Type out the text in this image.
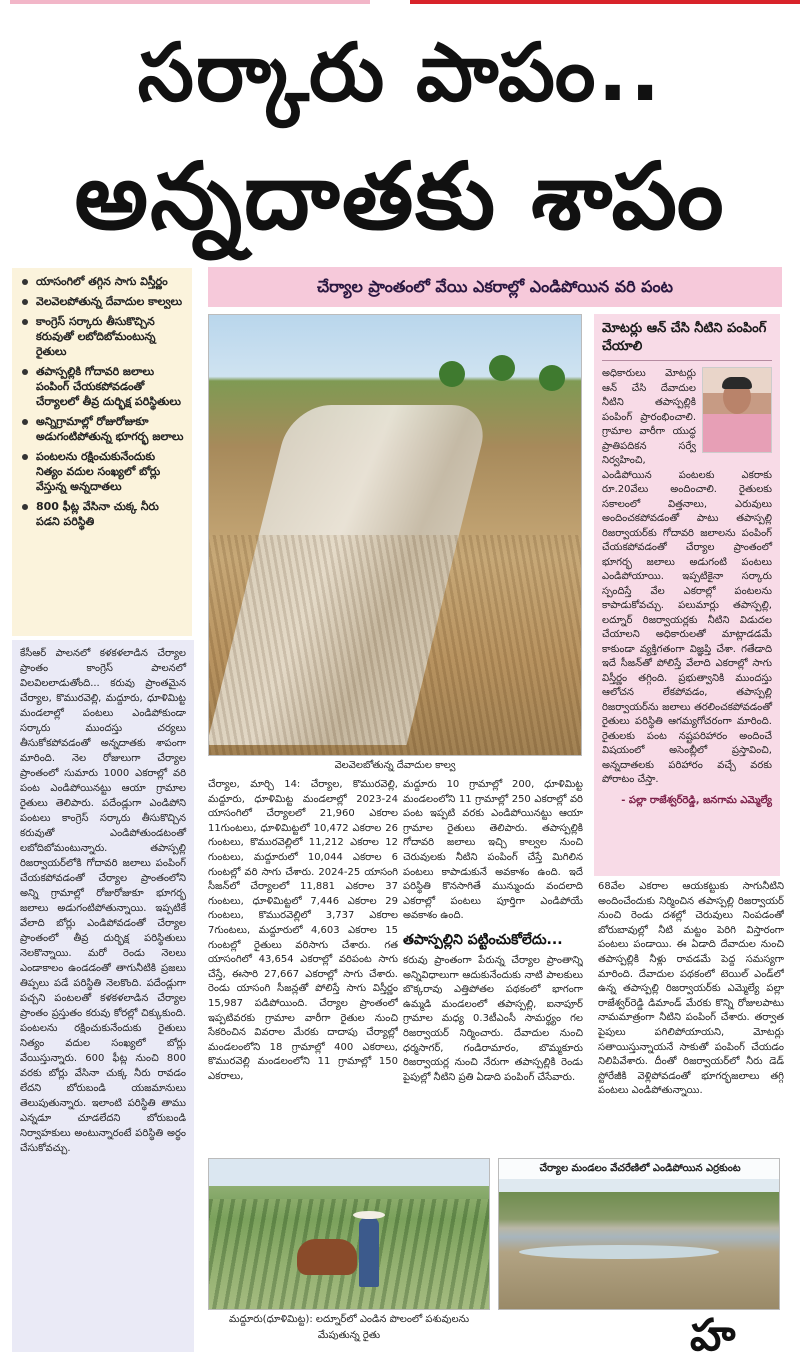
సర్కారు పాపం..
అన్నదాతకు శాపం
యాసంగిలో తగ్గిన సాగు విస్తీర్ణం
వెలవెలపోతున్న దేవాదుల కాల్వలు
కాంగ్రెస్ సర్కారు తీసుకొచ్చిన కరువుతో లబోదిబోమంటున్న రైతులు
తపాస్పల్లికి గోదావరి జలాలు పంపింగ్ చేయకపోవడంతో చేర్యాలలో తీవ్ర దుర్భిక్ష పరిస్థితులు
అన్నిగ్రామాల్లో రోజురోజుకూ అడుగంటిపోతున్న భూగర్భ జలాలు
పంటలను రక్షించుకునేందుకు నిత్యం వదుల సంఖ్యలో బోర్లు వేస్తున్న అన్నదాతలు
800 ఫీట్ల వేసినా చుక్క నీరు పడని పరిస్థితి
చేర్యాల ప్రాంతంలో వేయి ఎకరాల్లో ఎండిపోయిన వరి పంట
వెలవెలబోతున్న దేవాదుల కాల్వ
మోటర్లు ఆన్ చేసి నీటిని పంపింగ్ చేయాలి
అధికారులు మోటర్లు ఆన్ చేసి దేవాదుల నీటిని తపాస్పల్లికి పంపింగ్ ప్రారంభించాలి. గ్రామాల వారీగా యుద్ధ ప్రాతిపదికన సర్వే నిర్వహించి, ఎండిపోయిన పంటలకు ఎకరాకు రూ.20వేలు అందించాలి. రైతులకు సకాలంలో విత్తనాలు, ఎరువులు అందించకపోవడంతో పాటు తపాస్పల్లి రిజర్వాయర్‌కు గోదావరి జలాలను పంపింగ్ చేయకపోవడంతో చేర్యాల ప్రాంతంలో భూగర్భ జలాలు అడుగంటి పంటలు ఎండిపోయాయి. ఇప్పటికైనా సర్కారు స్పందిస్తే వేల ఎకరాల్లో పంటలను కాపాడుకోవచ్చు. పలుమార్లు తపాస్పల్లి, లద్నూర్ రిజర్వాయర్లకు నీటిని విడుదల చేయాలని అధికారులతో మాట్లాడడమే కాకుండా వ్యక్తిగతంగా విజ్ఞప్తి చేశా. గతేడాది ఇదే సీజన్‌తో పోలిస్తే వేలాది ఎకరాల్లో సాగు విస్తీర్ణం తగ్గింది. ప్రభుత్వానికి ముందస్తు ఆలోచన లేకపోవడం, తపాస్పల్లి రిజర్వాయర్‌ను జలాలు తరలించకపోవడంతో రైతులు పరిస్థితి ఆగమ్యగోచరంగా మారింది. రైతులకు పంట నష్టపరిహారం అందించే విషయంలో అసెంబ్లీలో ప్రస్తావించి, అన్నదాతలకు పరిహారం వచ్చే వరకు పోరాటం చేస్తా.
- పల్లా రాజేశ్వర్‌రెడ్డి, జనగామ ఎమ్మెల్యే
కేసీఆర్ పాలనలో కళకళలాడిన చేర్యాల ప్రాంతం కాంగ్రెస్ పాలనలో విలవిలలాడుతోంది... కరువు ప్రాంతమైన చేర్యాల, కొమురవెల్లి, మద్దూరు, ధూళిమిట్ట మండలాల్లో పంటలు ఎండిపోకుండా సర్కారు ముందస్తు చర్యలు తీసుకోకపోవడంతో అన్నదాతకు శాపంగా మారింది. నెల రోజులుగా చేర్యాల ప్రాంతంలో సుమారు 1000 ఎకరాల్లో వరి పంట ఎండిపోయినట్టు ఆయా గ్రామాల రైతులు తెలిపారు. పదేండ్లుగా ఎండిపోని పంటలు కాంగ్రెస్ సర్కారు తీసుకొచ్చిన కరువుతో ఎండిపోతుండటంతో లబోదిబోమంటున్నారు. తపాస్పల్లి రిజర్వాయర్‌లోకి గోదావరి జలాలు పంపింగ్ చేయకపోవడంతో చేర్యాల ప్రాంతంలోని అన్ని గ్రామాల్లో రోజురోజుకూ భూగర్భ జలాలు అడుగంటిపోతున్నాయి. ఇప్పటికే వేలాది బోర్లు ఎండిపోవడంతో చేర్యాల ప్రాంతంలో తీవ్ర దుర్భిక్ష పరిస్థితులు నెలకొన్నాయి. మరో రెండు నెలలు ఎండాకాలం ఉండడంతో తాగునీటికి ప్రజలు తిప్పలు పడే పరిస్థితి నెలకొంది. పదేండ్లుగా పచ్చని పంటలతో కళకళలాడిన చేర్యాల ప్రాంతం ప్రస్తుతం కరువు కోరల్లో చిక్కుకుంది. పంటలను రక్షించుకునేందుకు రైతులు నిత్యం వదుల సంఖ్యలో బోర్లు వేయిస్తున్నారు. 600 ఫీట్ల నుంచి 800 వరకు బోర్లు వేసినా చుక్క నీరు రావడం లేదని బోరుబండి యజమానులు తెలుపుతున్నారు. ఇలాంటి పరిస్థితి తాము ఎన్నడూ చూడలేదని బోరుబండి నిర్వాహకులు అంటున్నారంటే పరిస్థితి అర్థం చేసుకోవచ్చు.
చేర్యాల, మార్చి 14: చేర్యాల, కొమురవెల్లి, మద్దూరు, ధూళిమిట్ట మండలాల్లో 2023-24 యాసంగిలో చేర్యాలలో 21,960 ఎకరాల 11గుంటలు, ధూళిమిట్టలో 10,472 ఎకరాల 26 గుంటలు, కొమురవెల్లిలో 11,212 ఎకరాల 12 గుంటలు, మద్దూరులో 10,044 ఎకరాల 6 గుంటల్లో వరి సాగు చేశారు. 2024-25 యాసంగి సీజన్‌లో చేర్యాలలో 11,881 ఎకరాల 37 గుంటలు, ధూళిమిట్టలో 7,446 ఎకరాల 29 గుంటలు, కొమురవెల్లిలో 3,737 ఎకరాల 7గుంటలు, మద్దూరులో 4,603 ఎకరాల 15 గుంటల్లో రైతులు వరిసాగు చేశారు. గత యాసంగిలో 43,654 ఎకరాల్లో వరిపంట సాగు చేస్తే, ఈసారి 27,667 ఎకరాల్లో సాగు చేశారు. రెండు యాసంగి సీజన్లతో పోలిస్తే సాగు విస్తీర్ణం 15,987 పడిపోయింది. చేర్యాల ప్రాంతంలో ఇప్పటివరకు గ్రామాల వారీగా రైతుల నుంచి సేకరించిన వివరాల మేరకు దాదాపు చేర్యాల్లో మండలంలోని 18 గ్రామాల్లో 400 ఎకరాలు, కొమురవెల్లి మండలంలోని 11 గ్రామాల్లో 150 ఎకరాలు,
మద్దూరు 10 గ్రామాల్లో 200, ధూళిమిట్ట మండలంలోని 11 గ్రామాల్లో 250 ఎకరాల్లో వరి పంట ఇప్పటి వరకు ఎండిపోయినట్టు ఆయా గ్రామాల రైతులు తెలిపారు. తపాస్పల్లికి గోదావరి జలాలు ఇచ్చి కాల్వల నుంచి చెరువులకు నీటిని పంపింగ్ చేస్తే మిగిలిన పంటలు కాపాడుకునే అవకాశం ఉంది. ఇదే పరిస్థితి కొనసాగితే మున్ముందు వందలాది ఎకరాల్లో పంటలు పూర్తిగా ఎండిపోయే అవకాశం ఉంది.
తపాస్పల్లిని పట్టించుకోలేదు...
కరువు ప్రాంతంగా పేరున్న చేర్యాల ప్రాంతాన్ని అన్నివిధాలుగా ఆదుకునేందుకు నాటి పాలకులు బొక్కరావు ఎత్తిపోతల పథకంలో భాగంగా ఉమ్మడి మండలంలో తపాస్పల్లి, ఐనాపూర్ గ్రామాల మధ్య 0.3టీఎంసీ సామర్థ్యం గల రిజర్వాయర్ నిర్మించారు. దేవాదుల నుంచి ధర్మసాగర్, గండిరామారం, బొమ్మకూరు రిజర్వాయర్ల నుంచి నేరుగా తపాస్పల్లికి రెండు పైపుల్లో నీటిని ప్రతి ఏడాది పంపింగ్ చేసేవారు.
68వేల ఎకరాల ఆయకట్టుకు సాగునీటిని అందించేందుకు నిర్మించిన తపాస్పల్లి రిజర్వాయర్ నుంచి రెండు దశల్లో చెరువులు నింపడంతో బోరుబావుల్లో నీటి మట్టం పెరిగి విస్తారంగా పంటలు పండాయి. ఈ ఏడాది దేవాదుల నుంచి తపాస్పల్లికి నీళ్లు రావడమే పెద్ద సమస్యగా మారింది. దేవాదుల పథకంలో టెయిల్ ఎండ్‌లో ఉన్న తపాస్పల్లి రిజర్వాయర్‌కు ఎమ్మెల్యే పల్లా రాజేశ్వర్‌రెడ్డి డిమాండ్ మేరకు కొన్ని రోజులపాటు నామమాత్రంగా నీటిని పంపింగ్ చేశారు. తర్వాత పైపులు పగిలిపోయాయని, మోటర్లు సతాయిస్తున్నాయనే సాకుతో పంపింగ్ చేయడం నిలిపివేశారు. దీంతో రిజర్వాయర్‌లో నీరు డెడ్ స్టోరేజీకి వెళ్లిపోవడంతో భూగర్భజలాలు తగ్గి పంటలు ఎండిపోతున్నాయి.
మద్దూరు(ధూళిమిట్ట): లద్నూర్‌లో ఎండిన పొలంలో పశువులను మేపుతున్న రైతు
చేర్యాల మండలం వేచరేణిలో ఎండిపోయిన ఎర్రకుంట
హ
